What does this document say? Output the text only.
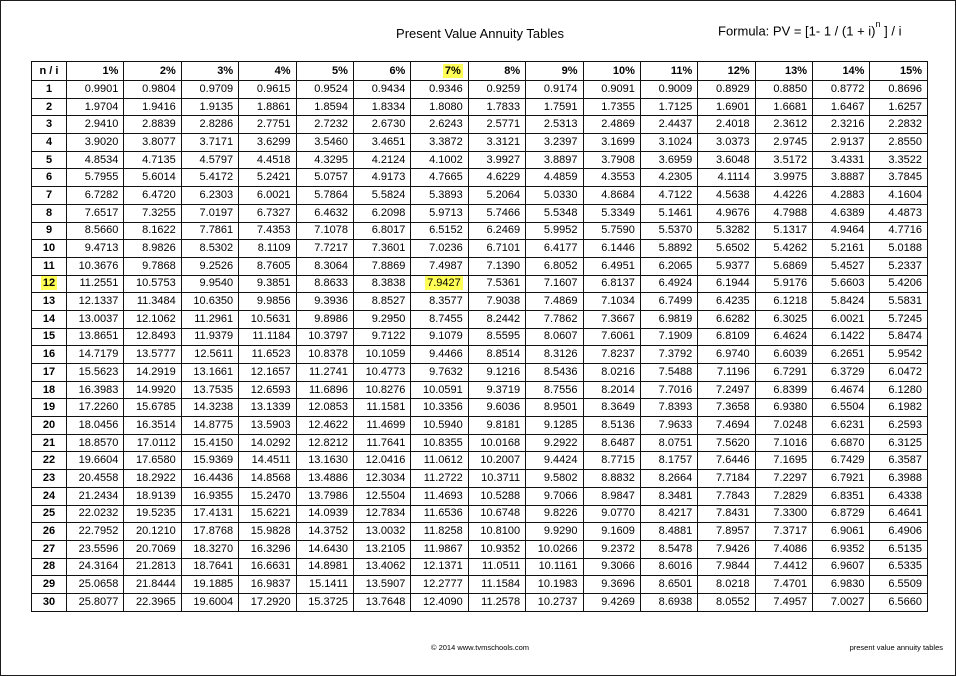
Present Value Annuity Tables	Formula: PV = [1- $1 / (1 + i)^n$ ] / i
n / i	1%	2%	3%	4%	5%	6%	7%	8%	9%	10%	11%	12%	13%	14%	15%
1	0.9901	0.9804	0.9709	0.9615	0.9524	0.9434	0.9346	0.9259	0.9174	0.9091	0.9009	0.8929	0.8850	0.8772	0.8696
2	1.9704	1.9416	1.9135	1.8861	1.8594	1.8334	1.8080	1.7833	1.7591	1.7355	1.7125	1.6901	1.6681	1.6467	1.6257
3	2.9410	2.8839	2.8286	2.7751	2.7232	2.6730	2.6243	2.5771	2.5313	2.4869	2.4437	2.4018	2.3612	2.3216	2.2832
4	3.9020	3.8077	3.7171	3.6299	3.5460	3.4651	3.3872	3.3121	3.2397	3.1699	3.1024	3.0373	2.9745	2.9137	2.8550
5	4.8534	4.7135	4.5797	4.4518	4.3295	4.2124	4.1002	3.9927	3.8897	3.7908	3.6959	3.6048	3.5172	3.4331	3.3522
6	5.7955	5.6014	5.4172	5.2421	5.0757	4.9173	4.7665	4.6229	4.4859	4.3553	4.2305	4.1114	3.9975	3.8887	3.7845
7	6.7282	6.4720	6.2303	6.0021	5.7864	5.5824	5.3893	5.2064	5.0330	4.8684	4.7122	4.5638	4.4226	4.2883	4.1604
8	7.6517	7.3255	7.0197	6.7327	6.4632	6.2098	5.9713	5.7466	5.5348	5.3349	5.1461	4.9676	4.7988	4.6389	4.4873
9	8.5660	8.1622	7.7861	7.4353	7.1078	6.8017	6.5152	6.2469	5.9952	5.7590	5.5370	5.3282	5.1317	4.9464	4.7716
10	9.4713	8.9826	8.5302	8.1109	7.7217	7.3601	7.0236	6.7101	6.4177	6.1446	5.8892	5.6502	5.4262	5.2161	5.0188
11	10.3676	9.7868	9.2526	8.7605	8.3064	7.8869	7.4987	7.1390	6.8052	6.4951	6.2065	5.9377	5.6869	5.4527	5.2337
12	11.2551	10.5753	9.9540	9.3851	8.8633	8.3838	7.9427	7.5361	7.1607	6.8137	6.4924	6.1944	5.9176	5.6603	5.4206
13	12.1337	11.3484	10.6350	9.9856	9.3936	8.8527	8.3577	7.9038	7.4869	7.1034	6.7499	6.4235	6.1218	5.8424	5.5831
14	13.0037	12.1062	11.2961	10.5631	9.8986	9.2950	8.7455	8.2442	7.7862	7.3667	6.9819	6.6282	6.3025	6.0021	5.7245
15	13.8651	12.8493	11.9379	11.1184	10.3797	9.7122	9.1079	8.5595	8.0607	7.6061	7.1909	6.8109	6.4624	6.1422	5.8474
16	14.7179	13.5777	12.5611	11.6523	10.8378	10.1059	9.4466	8.8514	8.3126	7.8237	7.3792	6.9740	6.6039	6.2651	5.9542
17	15.5623	14.2919	13.1661	12.1657	11.2741	10.4773	9.7632	9.1216	8.5436	8.0216	7.5488	7.1196	6.7291	6.3729	6.0472
18	16.3983	14.9920	13.7535	12.6593	11.6896	10.8276	10.0591	9.3719	8.7556	8.2014	7.7016	7.2497	6.8399	6.4674	6.1280
19	17.2260	15.6785	14.3238	13.1339	12.0853	11.1581	10.3356	9.6036	8.9501	8.3649	7.8393	7.3658	6.9380	6.5504	6.1982
20	18.0456	16.3514	14.8775	13.5903	12.4622	11.4699	10.5940	9.8181	9.1285	8.5136	7.9633	7.4694	7.0248	6.6231	6.2593
21	18.8570	17.0112	15.4150	14.0292	12.8212	11.7641	10.8355	10.0168	9.2922	8.6487	8.0751	7.5620	7.1016	6.6870	6.3125
22	19.6604	17.6580	15.9369	14.4511	13.1630	12.0416	11.0612	10.2007	9.4424	8.7715	8.1757	7.6446	7.1695	6.7429	6.3587
23	20.4558	18.2922	16.4436	14.8568	13.4886	12.3034	11.2722	10.3711	9.5802	8.8832	8.2664	7.7184	7.2297	6.7921	6.3988
24	21.2434	18.9139	16.9355	15.2470	13.7986	12.5504	11.4693	10.5288	9.7066	8.9847	8.3481	7.7843	7.2829	6.8351	6.4338
25	22.0232	19.5235	17.4131	15.6221	14.0939	12.7834	11.6536	10.6748	9.8226	9.0770	8.4217	7.8431	7.3300	6.8729	6.4641
26	22.7952	20.1210	17.8768	15.9828	14.3752	13.0032	11.8258	10.8100	9.9290	9.1609	8.4881	7.8957	7.3717	6.9061	6.4906
27	23.5596	20.7069	18.3270	16.3296	14.6430	13.2105	11.9867	10.9352	10.0266	9.2372	8.5478	7.9426	7.4086	6.9352	6.5135
28	24.3164	21.2813	18.7641	16.6631	14.8981	13.4062	12.1371	11.0511	10.1161	9.3066	8.6016	7.9844	7.4412	6.9607	6.5335
29	25.0658	21.8444	19.1885	16.9837	15.1411	13.5907	12.2777	11.1584	10.1983	9.3696	8.6501	8.0218	7.4701	6.9830	6.5509
30	25.8077	22.3965	19.6004	17.2920	15.3725	13.7648	12.4090	11.2578	10.2737	9.4269	8.6938	8.0552	7.4957	7.0027	6.5660
© 2014 www.tvmschools.com	present value annuity tables
